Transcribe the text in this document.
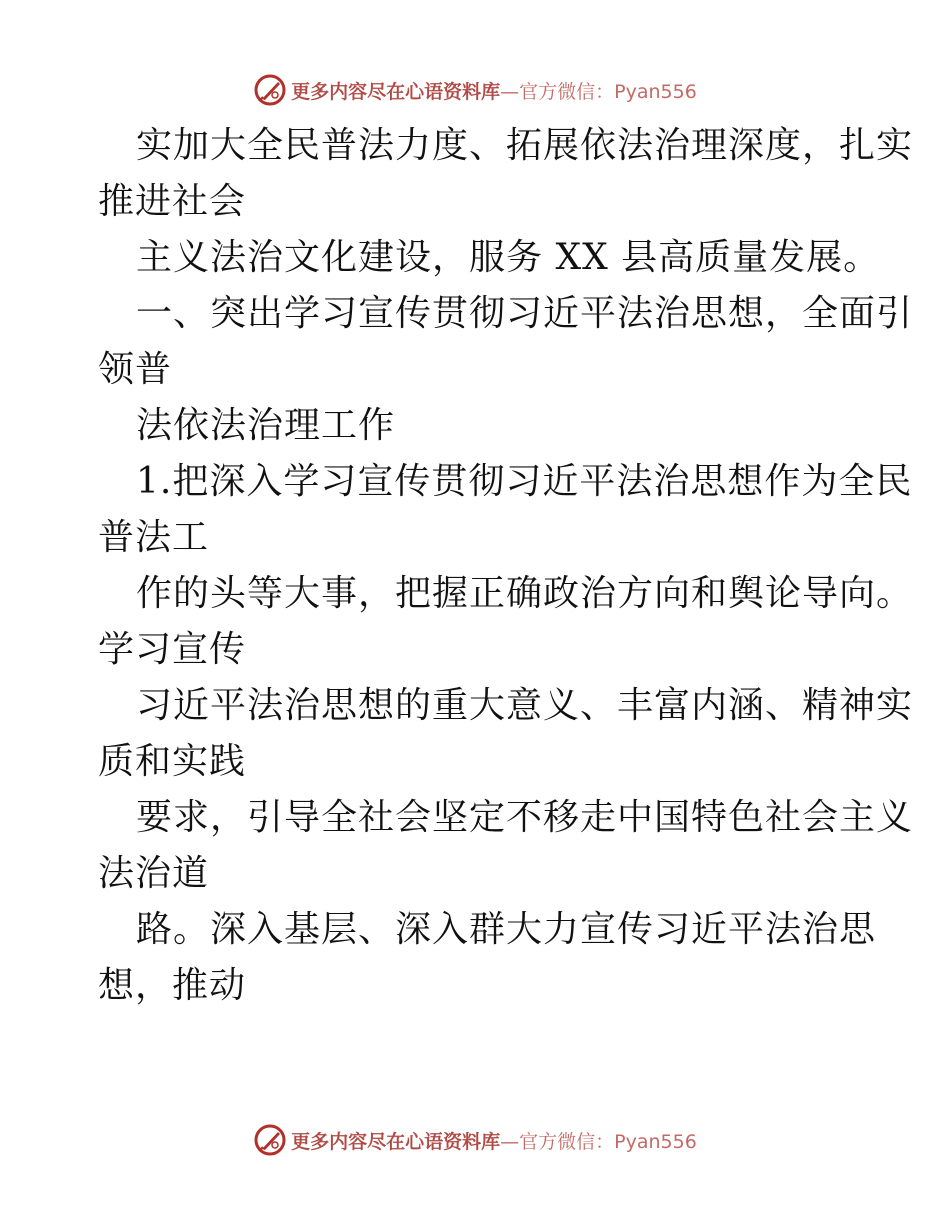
更多内容尽在心语资料库 —官方微信：Pyan556
实加大全民普法力度、拓展依法治理深度，扎实
推进社会
主义法治文化建设，服务 XX 县高质量发展。
一、突出学习宣传贯彻习近平法治思想，全面引
领普
法依法治理工作
1.把深入学习宣传贯彻习近平法治思想作为全民
普法工
作的头等大事，把握正确政治方向和舆论导向。
学习宣传
习近平法治思想的重大意义、丰富内涵、精神实
质和实践
要求，引导全社会坚定不移走中国特色社会主义
法治道
路。深入基层、深入群大力宣传习近平法治思
想，推动
更多内容尽在心语资料库 —官方微信：Pyan556
